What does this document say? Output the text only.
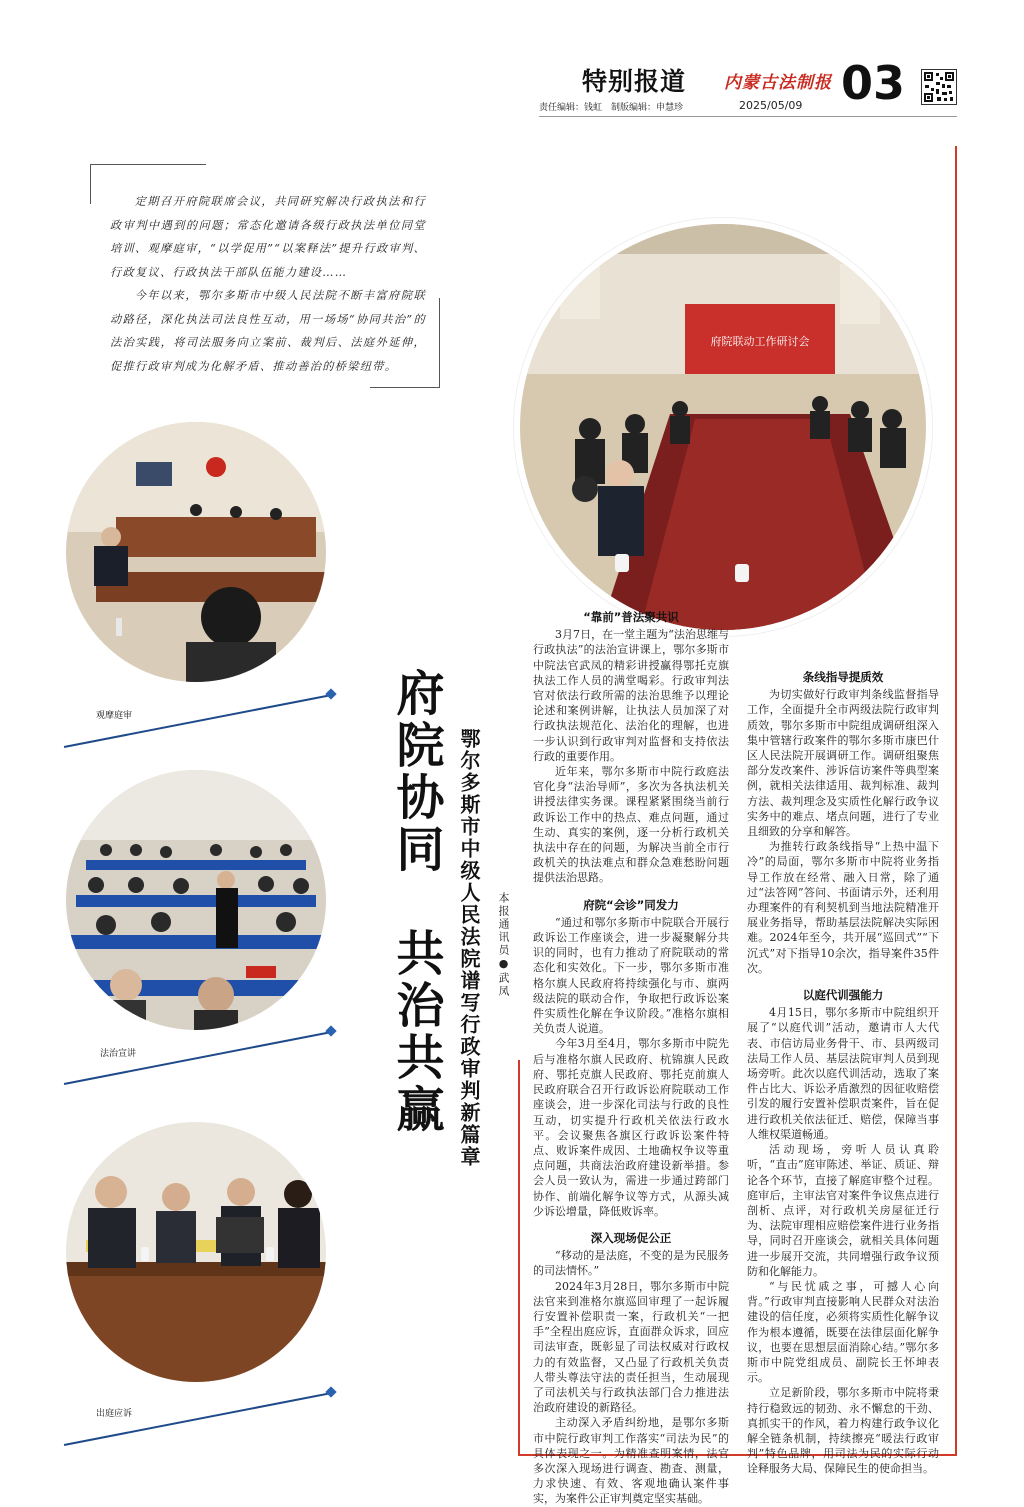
特别报道
责任编辑：钱虹　制版编辑：申慧珍
内蒙古法制报
2025/05/09 03

定期召开府院联席会议，共同研究解决行政执法和行政审判中遇到的问题；常态化邀请各级行政执法单位同堂培训、观摩庭审，“以学促用”“以案释法”提升行政审判、行政复议、行政执法干部队伍能力建设……

今年以来，鄂尔多斯市中级人民法院不断丰富府院联动路径，深化执法司法良性互动，用一场场“协同共治”的法治实践，将司法服务向立案前、裁判后、法庭外延伸，促推行政审判成为化解矛盾、推动善治的桥梁纽带。

府院联动工作研讨会
观摩庭审
法治宣讲
出庭应诉
府院协同　共治共赢 鄂尔多斯市中级人民法院谱写行政审判新篇章 本报通讯员●武凤
“靠前”普法聚共识

3月7日，在一堂主题为“法治思维与行政执法”的法治宣讲课上，鄂尔多斯市中院法官武凤的精彩讲授赢得鄂托克旗执法工作人员的满堂喝彩。行政审判法官对依法行政所需的法治思维予以理论论述和案例讲解，让执法人员加深了对行政执法规范化、法治化的理解，也进一步认识到行政审判对监督和支持依法行政的重要作用。

近年来，鄂尔多斯市中院行政庭法官化身“法治导师”，多次为各执法机关讲授法律实务课。课程紧紧围绕当前行政诉讼工作中的热点、难点问题，通过生动、真实的案例，逐一分析行政机关执法中存在的问题，为解决当前全市行政机关的执法难点和群众急难愁盼问题提供法治思路。

府院“会诊”同发力

“通过和鄂尔多斯市中院联合开展行政诉讼工作座谈会，进一步凝聚解分共识的同时，也有力推动了府院联动的常态化和实效化。下一步，鄂尔多斯市准格尔旗人民政府将持续强化与市、旗两级法院的联动合作，争取把行政诉讼案件实质性化解在争议阶段。”准格尔旗相关负责人说道。

今年3月至4月，鄂尔多斯市中院先后与准格尔旗人民政府、杭锦旗人民政府、鄂托克旗人民政府、鄂托克前旗人民政府联合召开行政诉讼府院联动工作座谈会，进一步深化司法与行政的良性互动，切实提升行政机关依法行政水平。会议聚焦各旗区行政诉讼案件特点、败诉案件成因、土地确权争议等重点问题，共商法治政府建设新举措。参会人员一致认为，需进一步通过跨部门协作、前端化解争议等方式，从源头减少诉讼增量，降低败诉率。

深入现场促公正

“移动的是法庭，不变的是为民服务的司法情怀。”

2024年3月28日，鄂尔多斯市中院法官来到准格尔旗巡回审理了一起诉履行安置补偿职责一案，行政机关“一把手”全程出庭应诉，直面群众诉求，回应司法审查，既彰显了司法权威对行政权力的有效监督，又凸显了行政机关负责人带头尊法守法的责任担当，生动展现了司法机关与行政执法部门合力推进法治政府建设的新路径。

主动深入矛盾纠纷地，是鄂尔多斯市中院行政审判工作落实“司法为民”的具体表现之一。为精准查明案情，法官多次深入现场进行调查、勘查、测量，力求快速、有效、客观地确认案件事实，为案件公正审判奠定坚实基础。

条线指导提质效

为切实做好行政审判条线监督指导工作，全面提升全市两级法院行政审判质效，鄂尔多斯市中院组成调研组深入集中管辖行政案件的鄂尔多斯市康巴什区人民法院开展调研工作。调研组聚焦部分发改案件、涉诉信访案件等典型案例，就相关法律适用、裁判标准、裁判方法、裁判理念及实质性化解行政争议实务中的难点、堵点问题，进行了专业且细致的分享和解答。

为推转行政条线指导“上热中温下冷”的局面，鄂尔多斯市中院将业务指导工作放在经常、融入日常，除了通过“法答网”答问、书面请示外，还利用办理案件的有利契机到当地法院精准开展业务指导，帮助基层法院解决实际困难。2024年至今，共开展“巡回式”“下沉式”对下指导10余次，指导案件35件次。

以庭代训强能力

4月15日，鄂尔多斯市中院组织开展了“以庭代训”活动，邀请市人大代表、市信访局业务骨干、市、县两级司法局工作人员、基层法院审判人员到现场旁听。此次以庭代训活动，选取了案件占比大、诉讼矛盾激烈的因征收赔偿引发的履行安置补偿职责案件，旨在促进行政机关依法征迁、赔偿，保障当事人维权渠道畅通。

活动现场，旁听人员认真聆听，“直击”庭审陈述、举证、质证、辩论各个环节，直接了解庭审整个过程。庭审后，主审法官对案件争议焦点进行剖析、点评，对行政机关房屋征迁行为、法院审理相应赔偿案件进行业务指导，同时召开座谈会，就相关具体问题进一步展开交流，共同增强行政争议预防和化解能力。

“与民忧戚之事，可撼人心向背。”行政审判直接影响人民群众对法治建设的信任度，必须将实质性化解争议作为根本遵循，既要在法律层面化解争议，也要在思想层面消除心结。”鄂尔多斯市中院党组成员、副院长王怀坤表示。

立足新阶段，鄂尔多斯市中院将秉持行稳致远的韧劲、永不懈怠的干劲、真抓实干的作风，着力构建行政争议化解全链条机制，持续擦亮“暖法行政审判”特色品牌，用司法为民的实际行动诠释服务大局、保障民生的使命担当。
